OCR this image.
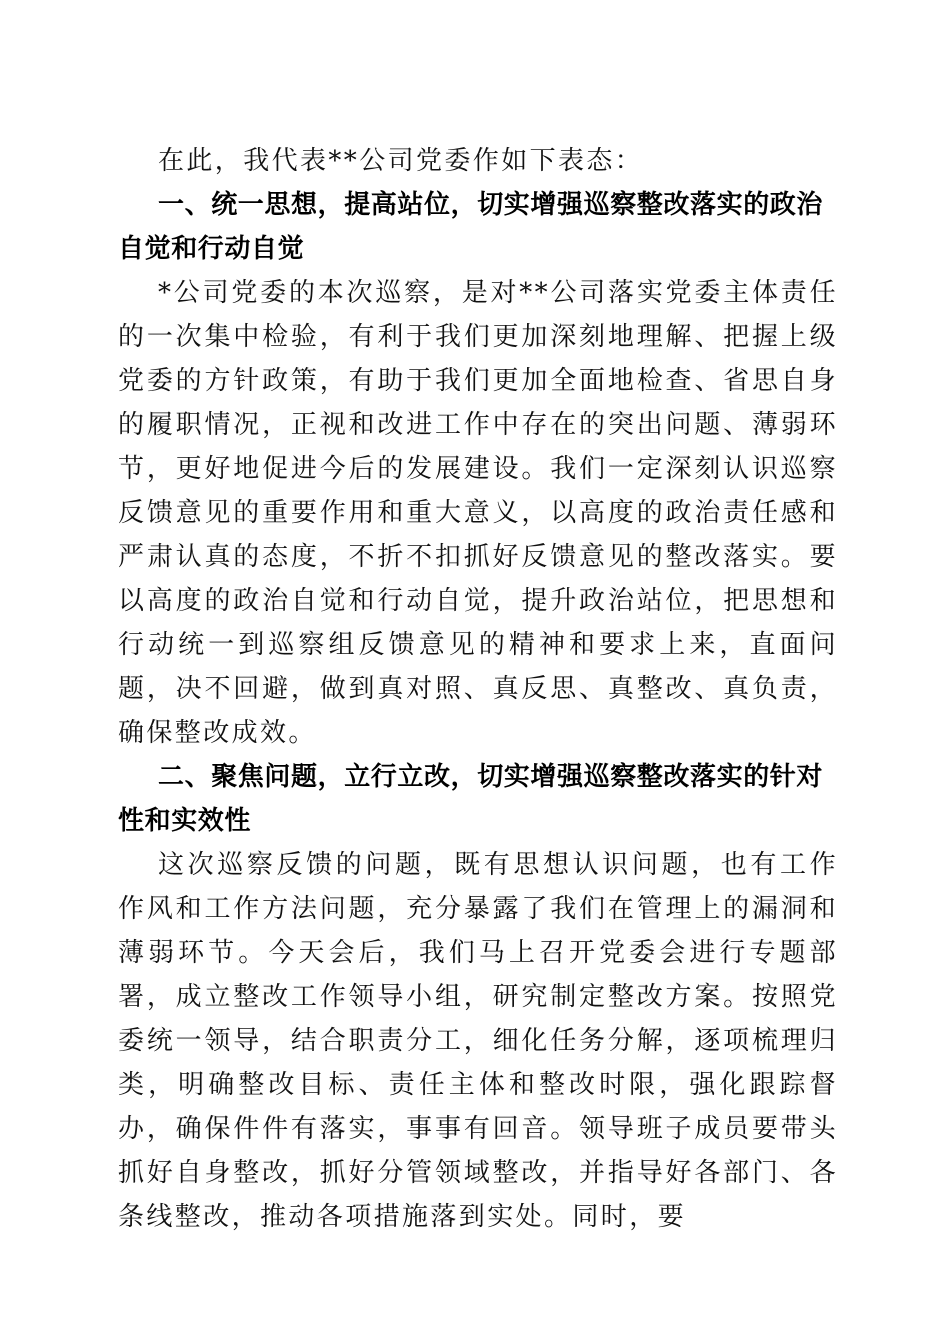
在此，我代表**公司党委作如下表态：

一、统一思想，提高站位，切实增强巡察整改落实的政治自觉和行动自觉

*公司党委的本次巡察，是对**公司落实党委主体责任的一次集中检验，有利于我们更加深刻地理解、把握上级党委的方针政策，有助于我们更加全面地检查、省思自身的履职情况，正视和改进工作中存在的突出问题、薄弱环节，更好地促进今后的发展建设。我们一定深刻认识巡察反馈意见的重要作用和重大意义，以高度的政治责任感和严肃认真的态度，不折不扣抓好反馈意见的整改落实。要以高度的政治自觉和行动自觉，提升政治站位，把思想和行动统一到巡察组反馈意见的精神和要求上来，直面问题，决不回避，做到真对照、真反思、真整改、真负责，确保整改成效。

二、聚焦问题，立行立改，切实增强巡察整改落实的针对性和实效性

这次巡察反馈的问题，既有思想认识问题，也有工作作风和工作方法问题，充分暴露了我们在管理上的漏洞和薄弱环节。今天会后，我们马上召开党委会进行专题部署，成立整改工作领导小组，研究制定整改方案。按照党委统一领导，结合职责分工，细化任务分解，逐项梳理归类，明确整改目标、责任主体和整改时限，强化跟踪督办，确保件件有落实，事事有回音。领导班子成员要带头抓好自身整改，抓好分管领域整改，并指导好各部门、各条线整改，推动各项措施落到实处。同时，要
